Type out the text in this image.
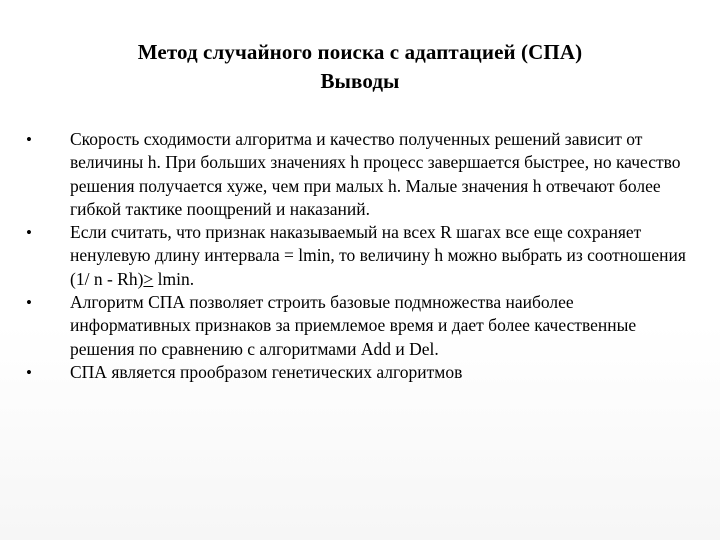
Метод случайного поиска с адаптацией (СПА)
Выводы
•	Скорость сходимости алгоритма и качество полученных решений зависит от величины h. При больших значениях h процесс завершается быстрее, но качество решения получается хуже, чем при малых h. Малые значения h отвечают более гибкой тактике поощрений и наказаний.
•	Если считать, что признак наказываемый на всех R шагах все еще сохраняет ненулевую длину интервала = lmin, то величину h можно выбрать из соотношения (1/ n - Rh)> lmin.
•	Алгоритм СПА позволяет строить базовые подмножества наиболее информативных признаков за приемлемое время и дает более качественные решения по сравнению с алгоритмами Add и Del.
•	СПА является прообразом генетических алгоритмов
